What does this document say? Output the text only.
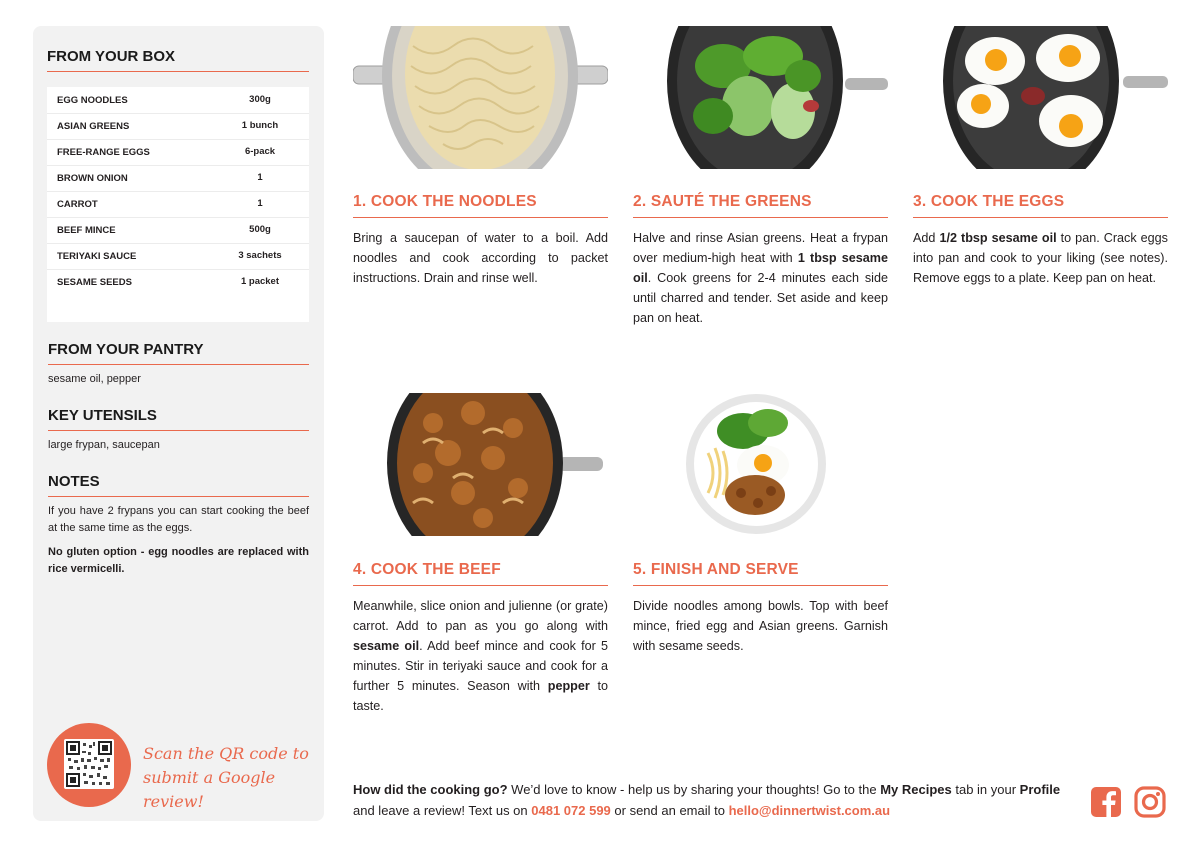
FROM YOUR BOX
EGG NOODLES	300g
ASIAN GREENS	1 bunch
FREE-RANGE EGGS	6-pack
BROWN ONION	1
CARROT	1
BEEF MINCE	500g
TERIYAKI SAUCE	3 sachets
SESAME SEEDS	1 packet
FROM YOUR PANTRY
sesame oil, pepper
KEY UTENSILS
large frypan, saucepan
NOTES
If you have 2 frypans you can start cooking the beef at the same time as the eggs.
No gluten option - egg noodles are replaced with rice vermicelli.
Scan the QR code to
submit a Google review!
1. COOK THE NOODLES
Bring a saucepan of water to a boil. Add noodles and cook according to packet instructions. Drain and rinse well.
2. SAUTÉ THE GREENS
Halve and rinse Asian greens. Heat a frypan over medium-high heat with 1 tbsp sesame oil. Cook greens for 2-4 minutes each side until charred and tender. Set aside and keep pan on heat.
3. COOK THE EGGS
Add 1/2 tbsp sesame oil to pan. Crack eggs into pan and cook to your liking (see notes). Remove eggs to a plate. Keep pan on heat.
4. COOK THE BEEF
Meanwhile, slice onion and julienne (or grate) carrot. Add to pan as you go along with sesame oil. Add beef mince and cook for 5 minutes. Stir in teriyaki sauce and cook for a further 5 minutes. Season with pepper to taste.
5. FINISH AND SERVE
Divide noodles among bowls. Top with beef mince, fried egg and Asian greens. Garnish with sesame seeds.
How did the cooking go? We’d love to know - help us by sharing your thoughts! Go to the My Recipes tab in your Profile and leave a review! Text us on 0481 072 599 or send an email to hello@dinnertwist.com.au
